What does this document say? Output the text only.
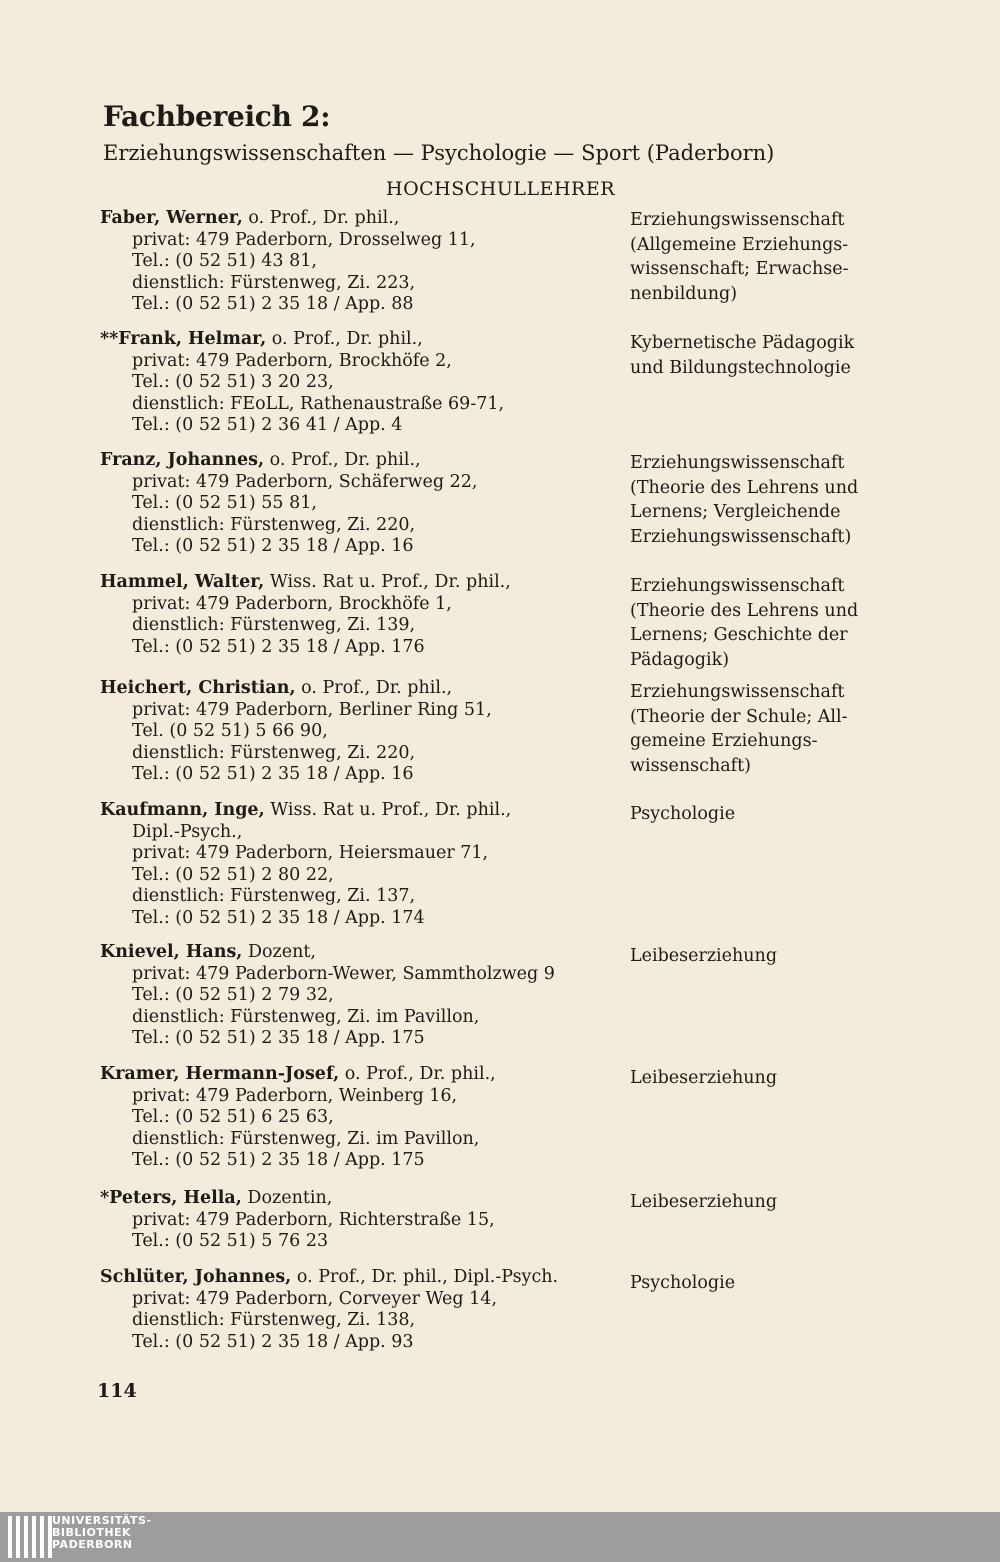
Fachbereich 2:
Erziehungswissenschaften — Psychologie — Sport (Paderborn)
HOCHSCHULLEHRER
Faber, Werner, o. Prof., Dr. phil.,
privat: 479 Paderborn, Drosselweg 11,
Tel.: (0 52 51) 43 81,
dienstlich: Fürstenweg, Zi. 223,
Tel.: (0 52 51) 2 35 18 / App. 88
Erziehungswissenschaft
(Allgemeine Erziehungs-
wissenschaft; Erwachse-
nenbildung)
**Frank, Helmar, o. Prof., Dr. phil.,
privat: 479 Paderborn, Brockhöfe 2,
Tel.: (0 52 51) 3 20 23,
dienstlich: FEoLL, Rathenaustraße 69-71,
Tel.: (0 52 51) 2 36 41 / App. 4
Kybernetische Pädagogik
und Bildungstechnologie
Franz, Johannes, o. Prof., Dr. phil.,
privat: 479 Paderborn, Schäferweg 22,
Tel.: (0 52 51) 55 81,
dienstlich: Fürstenweg, Zi. 220,
Tel.: (0 52 51) 2 35 18 / App. 16
Erziehungswissenschaft
(Theorie des Lehrens und
Lernens; Vergleichende
Erziehungswissenschaft)
Hammel, Walter, Wiss. Rat u. Prof., Dr. phil.,
privat: 479 Paderborn, Brockhöfe 1,
dienstlich: Fürstenweg, Zi. 139,
Tel.: (0 52 51) 2 35 18 / App. 176
Erziehungswissenschaft
(Theorie des Lehrens und
Lernens; Geschichte der
Pädagogik)
Heichert, Christian, o. Prof., Dr. phil.,
privat: 479 Paderborn, Berliner Ring 51,
Tel. (0 52 51) 5 66 90,
dienstlich: Fürstenweg, Zi. 220,
Tel.: (0 52 51) 2 35 18 / App. 16
Erziehungswissenschaft
(Theorie der Schule; All-
gemeine Erziehungs-
wissenschaft)
Kaufmann, Inge, Wiss. Rat u. Prof., Dr. phil.,
Dipl.-Psych.,
privat: 479 Paderborn, Heiersmauer 71,
Tel.: (0 52 51) 2 80 22,
dienstlich: Fürstenweg, Zi. 137,
Tel.: (0 52 51) 2 35 18 / App. 174
Psychologie
Knievel, Hans, Dozent,
privat: 479 Paderborn-Wewer, Sammtholzweg 9
Tel.: (0 52 51) 2 79 32,
dienstlich: Fürstenweg, Zi. im Pavillon,
Tel.: (0 52 51) 2 35 18 / App. 175
Leibeserziehung
Kramer, Hermann-Josef, o. Prof., Dr. phil.,
privat: 479 Paderborn, Weinberg 16,
Tel.: (0 52 51) 6 25 63,
dienstlich: Fürstenweg, Zi. im Pavillon,
Tel.: (0 52 51) 2 35 18 / App. 175
Leibeserziehung
*Peters, Hella, Dozentin,
privat: 479 Paderborn, Richterstraße 15,
Tel.: (0 52 51) 5 76 23
Leibeserziehung
Schlüter, Johannes, o. Prof., Dr. phil., Dipl.-Psych.
privat: 479 Paderborn, Corveyer Weg 14,
dienstlich: Fürstenweg, Zi. 138,
Tel.: (0 52 51) 2 35 18 / App. 93
Psychologie
114
UNIVERSITÄTS-
BIBLIOTHEK
PADERBORN
